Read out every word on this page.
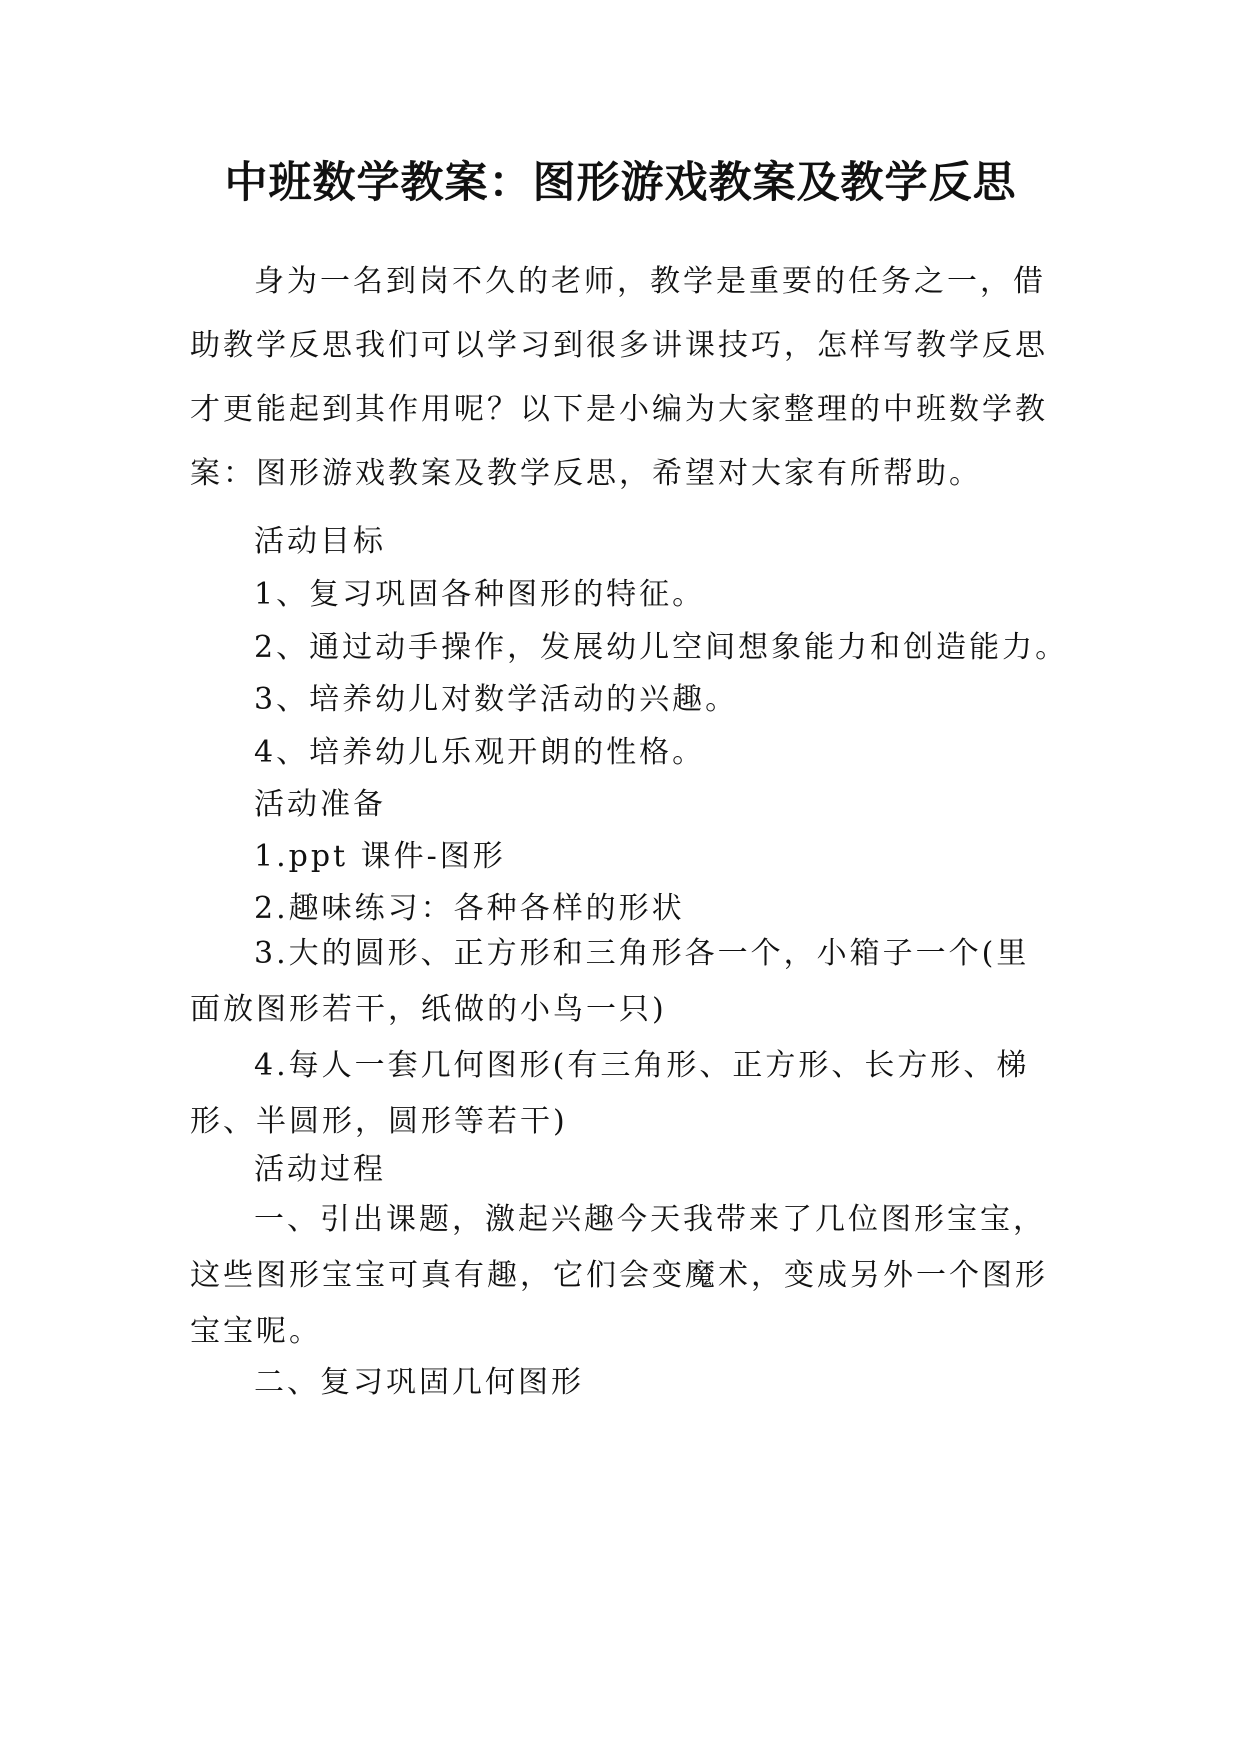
中班数学教案：图形游戏教案及教学反思

身为一名到岗不久的老师，教学是重要的任务之一，借助教学反思我们可以学习到很多讲课技巧，怎样写教学反思才更能起到其作用呢？以下是小编为大家整理的中班数学教案：图形游戏教案及教学反思，希望对大家有所帮助。

活动目标

1、复习巩固各种图形的特征。

2、通过动手操作，发展幼儿空间想象能力和创造能力。

3、培养幼儿对数学活动的兴趣。

4、培养幼儿乐观开朗的性格。

活动准备

1.ppt 课件-图形

2.趣味练习：各种各样的形状

3.大的圆形、正方形和三角形各一个，小箱子一个(里面放图形若干，纸做的小鸟一只)

4.每人一套几何图形(有三角形、正方形、长方形、梯形、半圆形，圆形等若干)

活动过程

一、引出课题，激起兴趣今天我带来了几位图形宝宝，这些图形宝宝可真有趣，它们会变魔术，变成另外一个图形宝宝呢。

二、复习巩固几何图形
